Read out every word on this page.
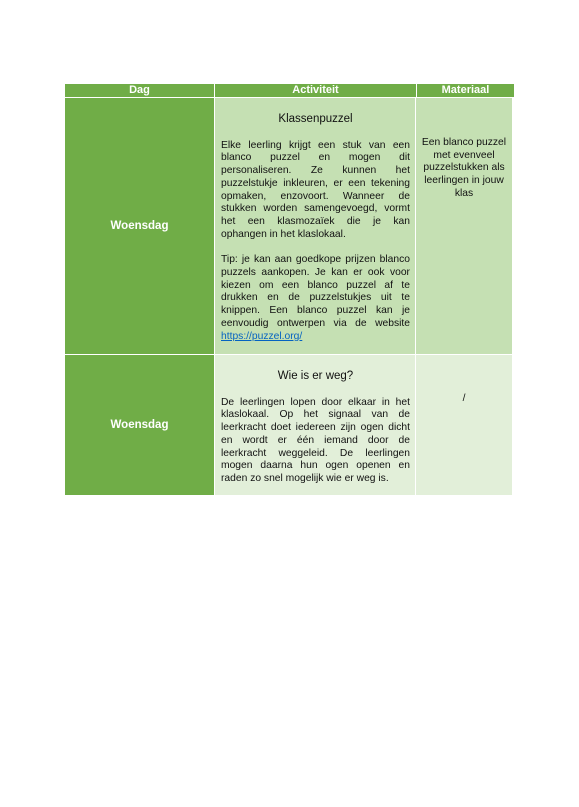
Dag	Activiteit	Materiaal
Woensdag

Klassenpuzzel

Elke leerling krijgt een stuk van een blanco puzzel en mogen dit personaliseren. Ze kunnen het puzzelstukje inkleuren, er een tekening opmaken, enzovoort. Wanneer de stukken worden samengevoegd, vormt het een klasmozaïek die je kan ophangen in het klaslokaal.

Tip: je kan aan goedkope prijzen blanco puzzels aankopen. Je kan er ook voor kiezen om een blanco puzzel af te drukken en de puzzelstukjes uit te knippen. Een blanco puzzel kan je eenvoudig ontwerpen via de website https://puzzel.org/

Een blanco puzzel met evenveel puzzelstukken als leerlingen in jouw klas
Woensdag

Wie is er weg?

De leerlingen lopen door elkaar in het klaslokaal. Op het signaal van de leerkracht doet iedereen zijn ogen dicht en wordt er één iemand door de leerkracht weggeleid. De leerlingen mogen daarna hun ogen openen en raden zo snel mogelijk wie er weg is.

/
